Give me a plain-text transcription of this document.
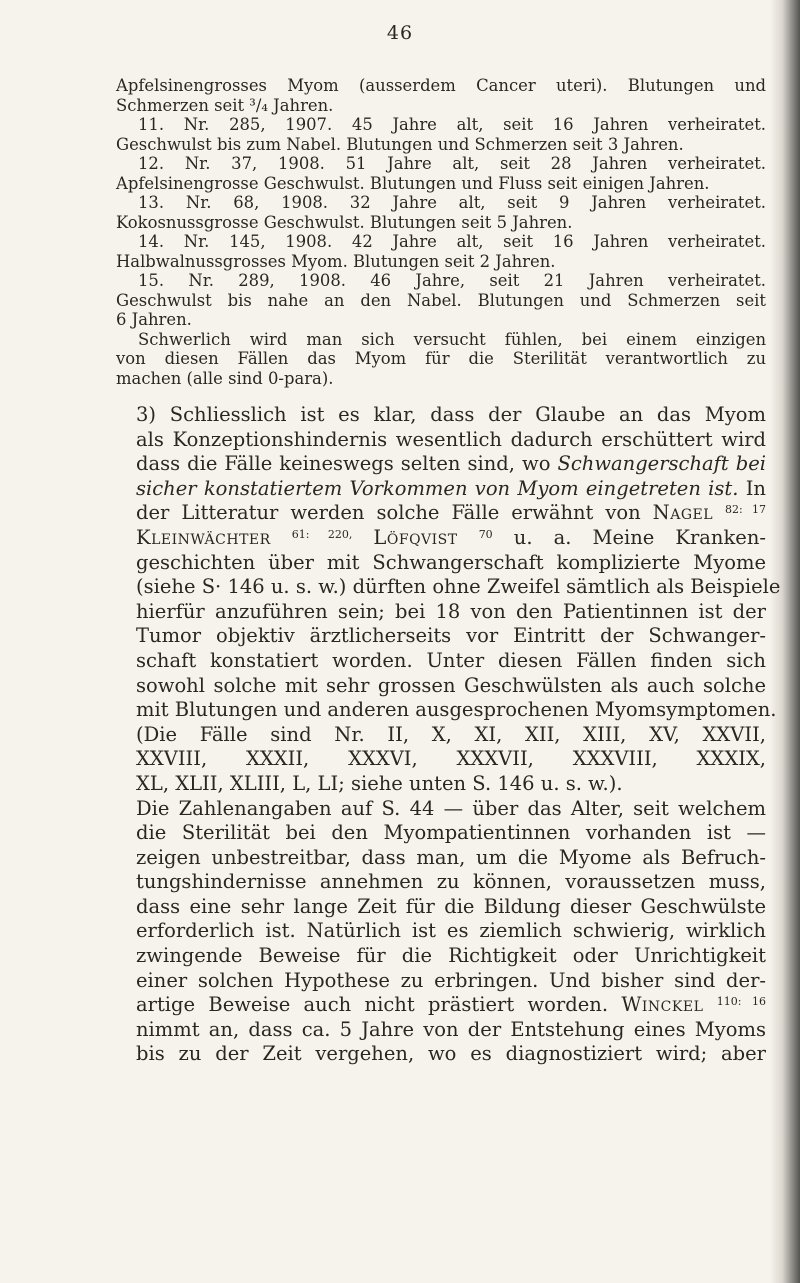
46
Apfelsinengrosses Myom (ausserdem Cancer uteri). Blutungen und
Schmerzen seit ³/₄ Jahren.
11. Nr. 285, 1907. 45 Jahre alt, seit 16 Jahren verheiratet.
Geschwulst bis zum Nabel. Blutungen und Schmerzen seit 3 Jahren.
12. Nr. 37, 1908. 51 Jahre alt, seit 28 Jahren verheiratet.
Apfelsinengrosse Geschwulst. Blutungen und Fluss seit einigen Jahren.
13. Nr. 68, 1908. 32 Jahre alt, seit 9 Jahren verheiratet.
Kokosnussgrosse Geschwulst. Blutungen seit 5 Jahren.
14. Nr. 145, 1908. 42 Jahre alt, seit 16 Jahren verheiratet.
Halbwalnussgrosses Myom. Blutungen seit 2 Jahren.
15. Nr. 289, 1908. 46 Jahre, seit 21 Jahren verheiratet.
Geschwulst bis nahe an den Nabel. Blutungen und Schmerzen seit
6 Jahren.
Schwerlich wird man sich versucht fühlen, bei einem einzigen
von diesen Fällen das Myom für die Sterilität verantwortlich zu
machen (alle sind 0-para).

3) Schliesslich ist es klar, dass der Glaube an das Myom
als Konzeptionshindernis wesentlich dadurch erschüttert wird
dass die Fälle keineswegs selten sind, wo Schwangerschaft bei
sicher konstatiertem Vorkommen von Myom eingetreten ist. In
der Litteratur werden solche Fälle erwähnt von Nagel $^{82: 17}$
Kleinwächter $^{61: 220,}$ Löfqvist $^{70}$ u. a. Meine Kranken-
geschichten über mit Schwangerschaft komplizierte Myome
(siehe S· 146 u. s. w.) dürften ohne Zweifel sämtlich als Beispiele
hierfür anzuführen sein; bei 18 von den Patientinnen ist der
Tumor objektiv ärztlicherseits vor Eintritt der Schwanger-
schaft konstatiert worden. Unter diesen Fällen finden sich
sowohl solche mit sehr grossen Geschwülsten als auch solche
mit Blutungen und anderen ausgesprochenen Myomsymptomen.
(Die Fälle sind Nr. II, X, XI, XII, XIII, XV, XXVII,
XXVIII, XXXII, XXXVI, XXXVII, XXXVIII, XXXIX,
XL, XLII, XLIII, L, LI; siehe unten S. 146 u. s. w.).

Die Zahlenangaben auf S. 44 — über das Alter, seit welchem
die Sterilität bei den Myompatientinnen vorhanden ist —
zeigen unbestreitbar, dass man, um die Myome als Befruch-
tungshindernisse annehmen zu können, voraussetzen muss,
dass eine sehr lange Zeit für die Bildung dieser Geschwülste
erforderlich ist. Natürlich ist es ziemlich schwierig, wirklich
zwingende Beweise für die Richtigkeit oder Unrichtigkeit
einer solchen Hypothese zu erbringen. Und bisher sind der-
artige Beweise auch nicht prästiert worden. Winckel $^{110: 16}$
nimmt an, dass ca. 5 Jahre von der Entstehung eines Myoms
bis zu der Zeit vergehen, wo es diagnostiziert wird; aber
